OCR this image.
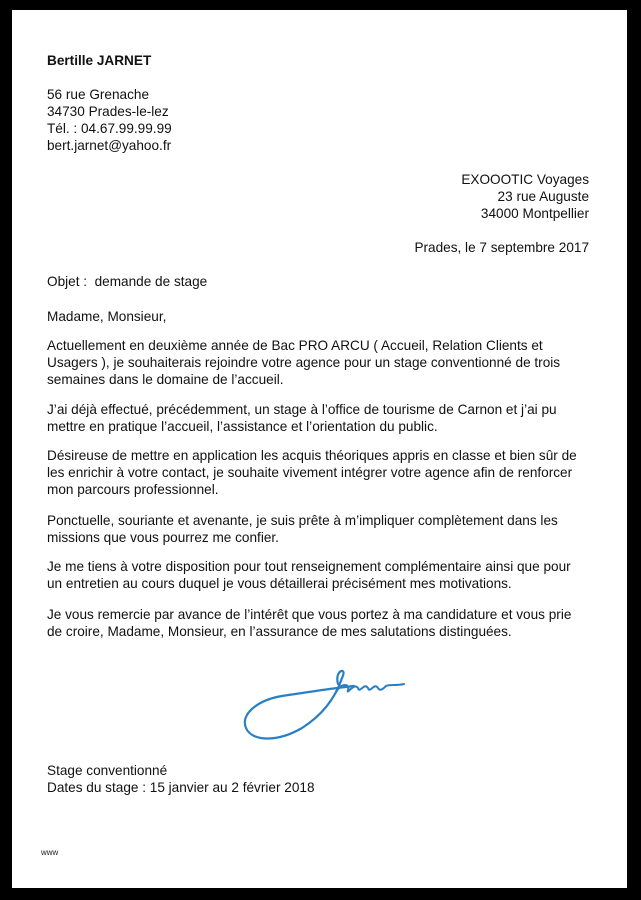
Bertille JARNET
56 rue Grenache
34730 Prades-le-lez
Tél. : 04.67.99.99.99
bert.jarnet@yahoo.fr
EXOOOTIC Voyages
23 rue Auguste
34000 Montpellier
Prades, le 7 septembre 2017
Objet :  demande de stage
Madame, Monsieur,
Actuellement en deuxième année de Bac PRO ARCU ( Accueil, Relation Clients et
Usagers ), je souhaiterais rejoindre votre agence pour un stage conventionné de trois
semaines dans le domaine de l’accueil.
J’ai déjà effectué, précédemment, un stage à l’office de tourisme de Carnon et j’ai pu
mettre en pratique l’accueil, l’assistance et l’orientation du public.
Désireuse de mettre en application les acquis théoriques appris en classe et bien sûr de
les enrichir à votre contact, je souhaite vivement intégrer votre agence afin de renforcer
mon parcours professionnel.
Ponctuelle, souriante et avenante, je suis prête à m’impliquer complètement dans les
missions que vous pourrez me confier.
Je me tiens à votre disposition pour tout renseignement complémentaire ainsi que pour
un entretien au cours duquel je vous détaillerai précisément mes motivations.
Je vous remercie par avance de l’intérêt que vous portez à ma candidature et vous prie
de croire, Madame, Monsieur, en l’assurance de mes salutations distinguées.
Stage conventionné
Dates du stage : 15 janvier au 2 février 2018
www
